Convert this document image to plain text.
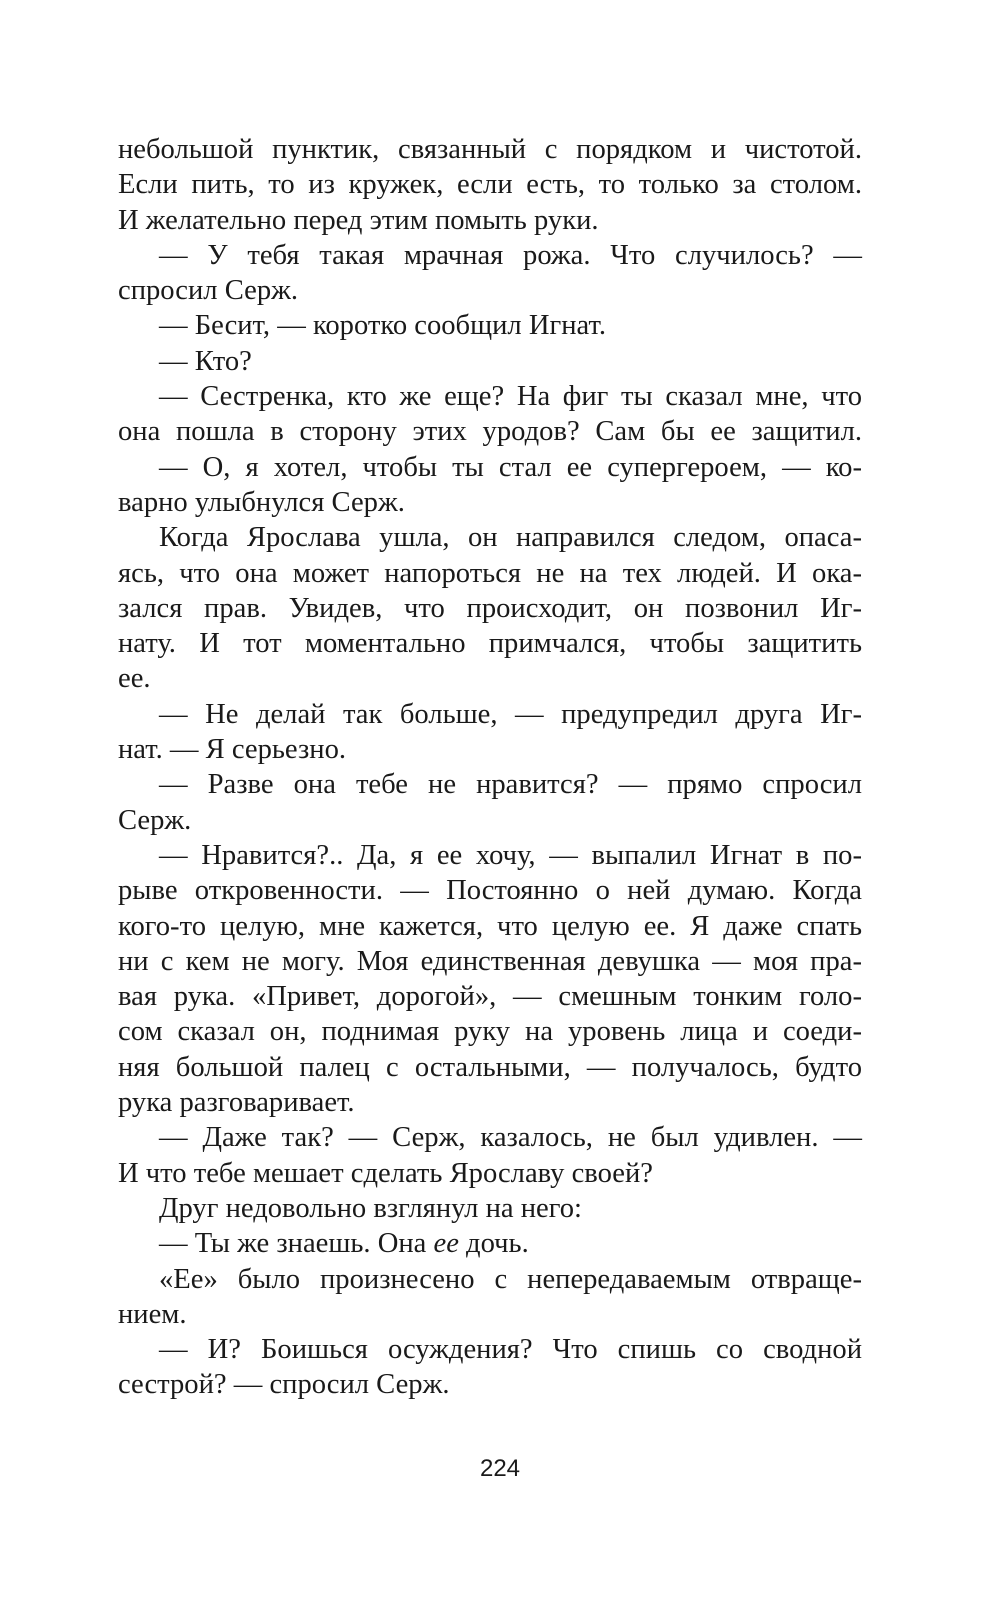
небольшой пунктик, связанный с порядком и чистотой.
Если пить, то из кружек, если есть, то только за столом.
И желательно перед этим помыть руки.
— У тебя такая мрачная рожа. Что случилось? —
спросил Серж.
— Бесит, — коротко сообщил Игнат.
— Кто?
— Сестренка, кто же еще? На фиг ты сказал мне, что
она пошла в сторону этих уродов? Сам бы ее защитил.
— О, я хотел, чтобы ты стал ее супергероем, — ко-
варно улыбнулся Серж.
Когда Ярослава ушла, он направился следом, опаса-
ясь, что она может напороться не на тех людей. И ока-
зался прав. Увидев, что происходит, он позвонил Иг-
нату. И тот моментально примчался, чтобы защитить
ее.
— Не делай так больше, — предупредил друга Иг-
нат. — Я серьезно.
— Разве она тебе не нравится? — прямо спросил
Серж.
— Нравится?.. Да, я ее хочу, — выпалил Игнат в по-
рыве откровенности. — Постоянно о ней думаю. Когда
кого-то целую, мне кажется, что целую ее. Я даже спать
ни с кем не могу. Моя единственная девушка — моя пра-
вая рука. «Привет, дорогой», — смешным тонким голо-
сом сказал он, поднимая руку на уровень лица и соеди-
няя большой палец с остальными, — получалось, будто
рука разговаривает.
— Даже так? — Серж, казалось, не был удивлен. —
И что тебе мешает сделать Ярославу своей?
Друг недовольно взглянул на него:
— Ты же знаешь. Она ее дочь.
«Ее» было произнесено с непередаваемым отвраще-
нием.
— И? Боишься осуждения? Что спишь со сводной
сестрой? — спросил Серж.
224
